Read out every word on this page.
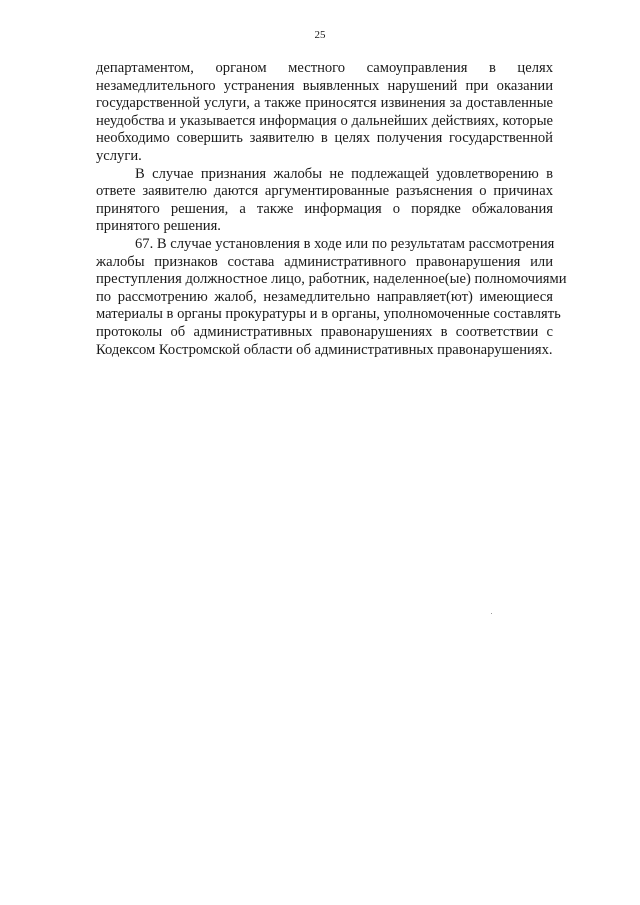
25
департаментом, органом местного самоуправления в целях
незамедлительного устранения выявленных нарушений при оказании
государственной услуги, а также приносятся извинения за доставленные
неудобства и указывается информация о дальнейших действиях, которые
необходимо совершить заявителю в целях получения государственной
услуги.
В случае признания жалобы не подлежащей удовлетворению в
ответе заявителю даются аргументированные разъяснения о причинах
принятого решения, а также информация о порядке обжалования
принятого решения.
67. В случае установления в ходе или по результатам рассмотрения
жалобы признаков состава административного правонарушения или
преступления должностное лицо, работник, наделенное(ые) полномочиями
по рассмотрению жалоб, незамедлительно направляет(ют) имеющиеся
материалы в органы прокуратуры и в органы, уполномоченные составлять
протоколы об административных правонарушениях в соответствии с
Кодексом Костромской области об административных правонарушениях.
